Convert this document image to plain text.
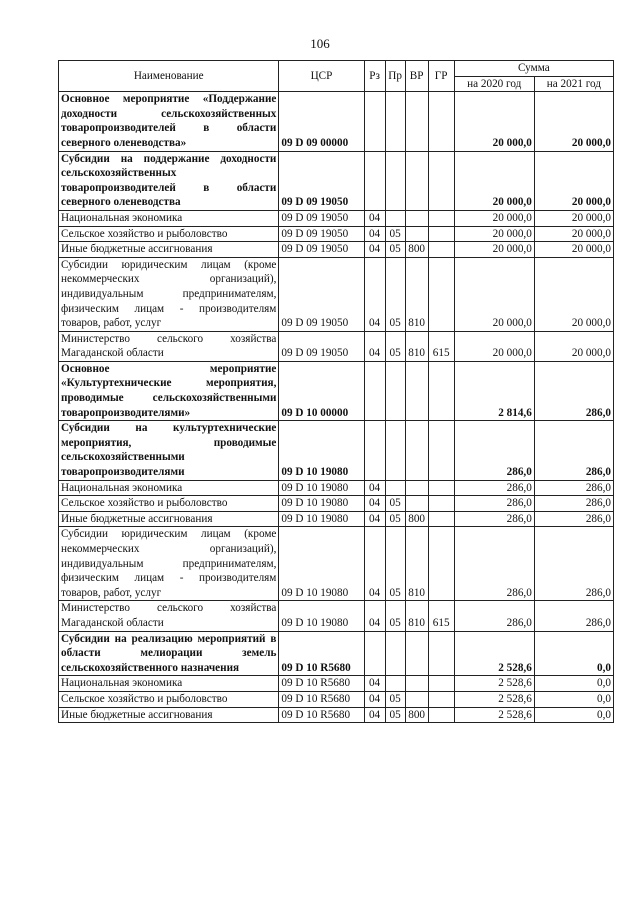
106
Наименование	ЦСР	Рз	Пр	ВР	ГР	Сумма	
						на 2020 год	на 2021 год
Основное мероприятие «Поддержание доходности сельскохозяйственных товаропроизводителей в области северного оленеводства»	09 D 09 00000					20 000,0	20 000,0
Субсидии на поддержание доходности сельскохозяйственных товаропроизводителей в области северного оленеводства	09 D 09 19050					20 000,0	20 000,0
Национальная экономика	09 D 09 19050	04				20 000,0	20 000,0
Сельское хозяйство и рыболовство	09 D 09 19050	04	05			20 000,0	20 000,0
Иные бюджетные ассигнования	09 D 09 19050	04	05	800		20 000,0	20 000,0
Субсидии юридическим лицам (кроме некоммерческих организаций), индивидуальным предпринимателям, физическим лицам - производителям товаров, работ, услуг	09 D 09 19050	04	05	810		20 000,0	20 000,0
Министерство сельского хозяйства Магаданской области	09 D 09 19050	04	05	810	615	20 000,0	20 000,0
Основное мероприятие «Культуртехнические мероприятия, проводимые сельскохозяйственными товаропроизводителями»	09 D 10 00000					2 814,6	286,0
Субсидии на культуртехнические мероприятия, проводимые сельскохозяйственными товаропроизводителями	09 D 10 19080					286,0	286,0
Национальная экономика	09 D 10 19080	04				286,0	286,0
Сельское хозяйство и рыболовство	09 D 10 19080	04	05			286,0	286,0
Иные бюджетные ассигнования	09 D 10 19080	04	05	800		286,0	286,0
Субсидии юридическим лицам (кроме некоммерческих организаций), индивидуальным предпринимателям, физическим лицам - производителям товаров, работ, услуг	09 D 10 19080	04	05	810		286,0	286,0
Министерство сельского хозяйства Магаданской области	09 D 10 19080	04	05	810	615	286,0	286,0
Субсидии на реализацию мероприятий в области мелиорации земель сельскохозяйственного назначения	09 D 10 R5680					2 528,6	0,0
Национальная экономика	09 D 10 R5680	04				2 528,6	0,0
Сельское хозяйство и рыболовство	09 D 10 R5680	04	05			2 528,6	0,0
Иные бюджетные ассигнования	09 D 10 R5680	04	05	800		2 528,6	0,0
